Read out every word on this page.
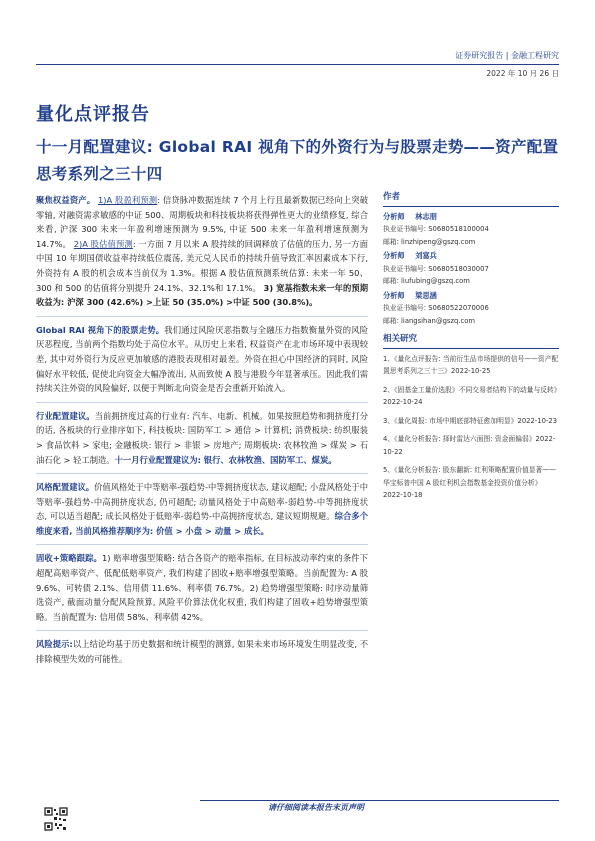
证券研究报告 | 金融工程研究
2022 年 10 月 26 日
量化点评报告
十一月配置建议: Global RAI 视角下的外资行为与股票走势——资产配置思考系列之三十四

聚焦权益资产。 1)A 股盈利预测: 信贷脉冲数据连续 7 个月上行且最新数据已经向上突破零轴, 对融资需求敏感的中证 500、周期板块和科技板块将获得弹性更大的业绩修复, 综合来看, 沪深 300 未来一年盈利增速预测为 9.5%, 中证 500 未来一年盈利增速预测为 14.7%。 2)A 股估值预测: 一方面 7 月以来 A 股持续的回调释放了估值的压力, 另一方面中国 10 年期国债收益率持续低位震荡, 美元兑人民币的持续升值导致汇率因素成本下行, 外资持有 A 股的机会成本当前仅为 1.3%。根据 A 股估值预测系统估算: 未来一年 50、300 和 500 的估值将分别提升 24.1%、32.1%和 17.1%。 3) 宽基指数未来一年的预期收益为: 沪深 300 (42.6%) >上证 50 (35.0%) >中证 500 (30.8%)。

Global RAI 视角下的股票走势。我们通过风险厌恶指数与全融压力指数衡量外资的风险厌恶程度, 当前两个指数均处于高位水平。从历史上来看, 权益资产在北市场环境中表现较差, 其中对外资行为反应更加敏感的港股表现相对最差。外资在担心中国经济的同时, 风险偏好水平较低, 促使北向资金大幅净流出, 从而致使 A 股与港股今年显著承压。因此我们需持续关注外资的风险偏好, 以便于判断北向资金是否会重新开始流入。

行业配置建议。当前拥挤度过高的行业有: 汽车、电新、机械。如果按照趋势和拥挤度打分的话, 各板块的行业排序如下, 科技板块: 国防军工 > 通信 > 计算机; 消费板块: 纺织服装 > 食品饮料 > 家电; 金融板块: 银行 > 非银 > 房地产; 周期板块: 农林牧渔 > 煤炭 > 石油石化 > 轻工制造。十一月行业配置建议为: 银行、农林牧渔、国防军工、煤炭。

风格配置建议。价值风格处于中等赔率-强趋势-中等拥挤度状态, 建议超配; 小盘风格处于中等赔率-强趋势-中高拥挤度状态, 仍可超配; 动量风格处于中高赔率-弱趋势-中等拥挤度状态, 可以适当超配; 成长风格处于低赔率-弱趋势-中高拥挤度状态, 建议短期规避。综合多个维度来看, 当前风格推荐顺序为: 价值 > 小盘 > 动量 > 成长。

固收+策略跟踪。1) 赔率增强型策略: 结合各资产的赔率指标, 在目标波动率约束的条件下超配高赔率资产、低配低赔率资产, 我们构建了固收+赔率增强型策略。当前配置为: A 股 9.6%、可转债 2.1%、信用债 11.6%、利率债 76.7%。2) 趋势增强型策略: 时序动量筛选资产, 截面动量分配风险预算, 风险平价算法优化权重, 我们构建了固收+趋势增强型策略。当前配置为: 信用债 58%、利率债 42%。

风险提示:以上结论均基于历史数据和统计模型的测算, 如果未来市场环境发生明显改变, 不排除模型失效的可能性。

作者
分析师 林志朋
执业证书编号: S0680518100004
邮箱: linzhipeng@gszq.com
分析师 刘富兵
执业证书编号: S0680518030007
邮箱: liufubing@gszq.com
分析师 梁思涵
执业证书编号: S0680522070006
邮箱: liangsihan@gszq.com
相关研究
1、《量化点评报告: 当前衍生品市场提供的信号——资产配置思考系列之三十三》2022-10-25
2、《固基金工量价选股》不同交易者结构下的动量与反转》2022-10-24
3、《量化周报: 市场中期底部特征愈加明显》2022-10-23
4、《量化分析报告: 择时雷达六面图: 资金面偏弱》2022-10-22
5、《量化分析报告: 股东翻新: 红利策略配置价值显著——华宝标普中国 A 股红利机会指数基金投资价值分析》2022-10-18
请仔细阅读本报告末页声明
